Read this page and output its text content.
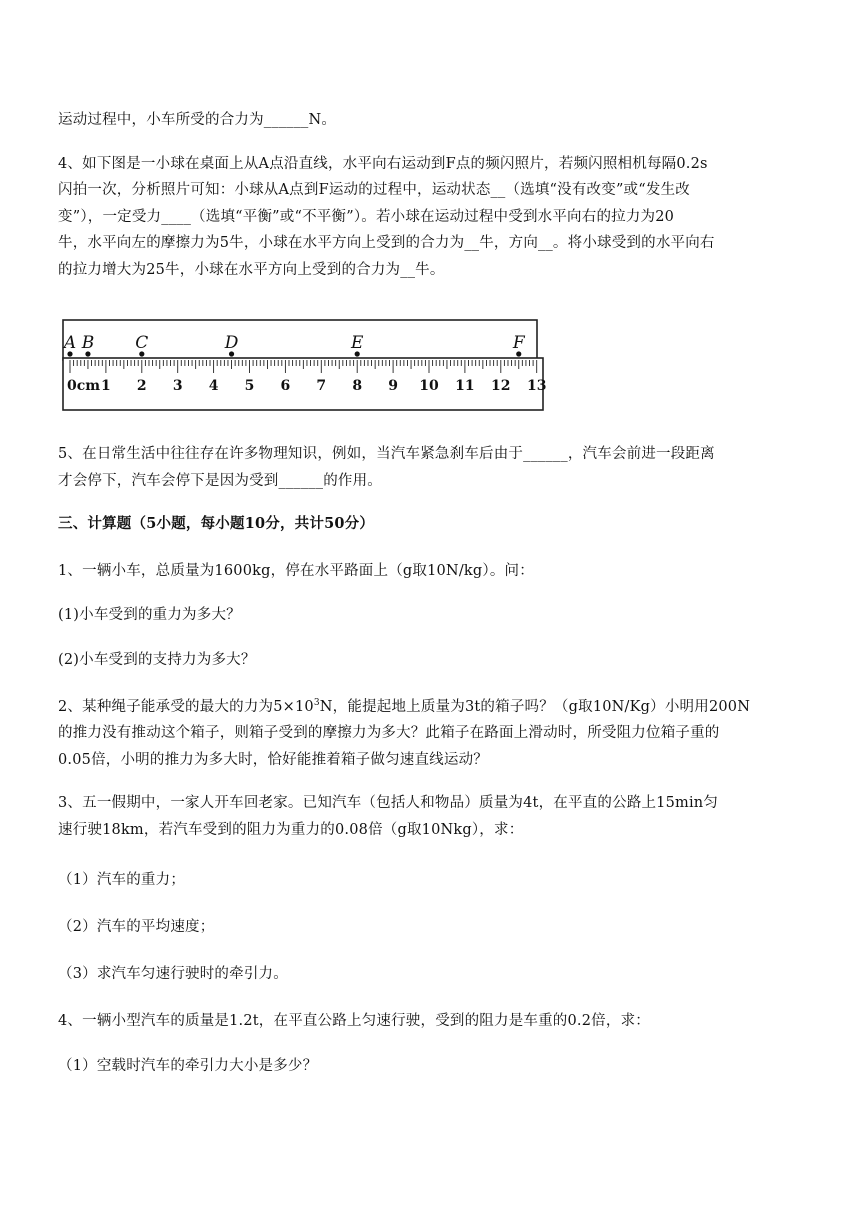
运动过程中，小车所受的合力为______N。
4、如下图是一小球在桌面上从A点沿直线，水平向右运动到F点的频闪照片，若频闪照相机每隔0.2s
闪拍一次，分析照片可知：小球从A点到F运动的过程中，运动状态__（选填“没有改变”或“发生改
变”），一定受力____（选填“平衡”或“不平衡”）。若小球在运动过程中受到水平向右的拉力为20
牛，水平向左的摩擦力为5牛，小球在水平方向上受到的合力为__牛，方向__。将小球受到的水平向右
的拉力增大为25牛，小球在水平方向上受到的合力为__牛。
0cm 1 2 3 4 5 6 7 8 9 10 11 12 13
A B C	D	E	F
5、在日常生活中往往存在许多物理知识，例如，当汽车紧急刹车后由于______，汽车会前进一段距离
才会停下，汽车会停下是因为受到______的作用。
三、计算题（5小题，每小题10分，共计50分）
1、一辆小车，总质量为1600kg，停在水平路面上（g取10N/kg）。问：
(1)小车受到的重力为多大？
(2)小车受到的支持力为多大？
2、某种绳子能承受的最大的力为$5\times 10^3N$，能提起地上质量为3t的箱子吗？（g取10N/Kg）小明用200N
的推力没有推动这个箱子，则箱子受到的摩擦力为多大？此箱子在路面上滑动时，所受阻力位箱子重的
0.05倍，小明的推力为多大时，恰好能推着箱子做匀速直线运动？
3、五一假期中，一家人开车回老家。已知汽车（包括人和物品）质量为4t，在平直的公路上15min匀
速行驶18km，若汽车受到的阻力为重力的0.08倍（g取10Nkg），求：
（1）汽车的重力；
（2）汽车的平均速度；
（3）求汽车匀速行驶时的牵引力。
4、一辆小型汽车的质量是1.2t，在平直公路上匀速行驶，受到的阻力是车重的0.2倍，求：
（1）空载时汽车的牵引力大小是多少？
